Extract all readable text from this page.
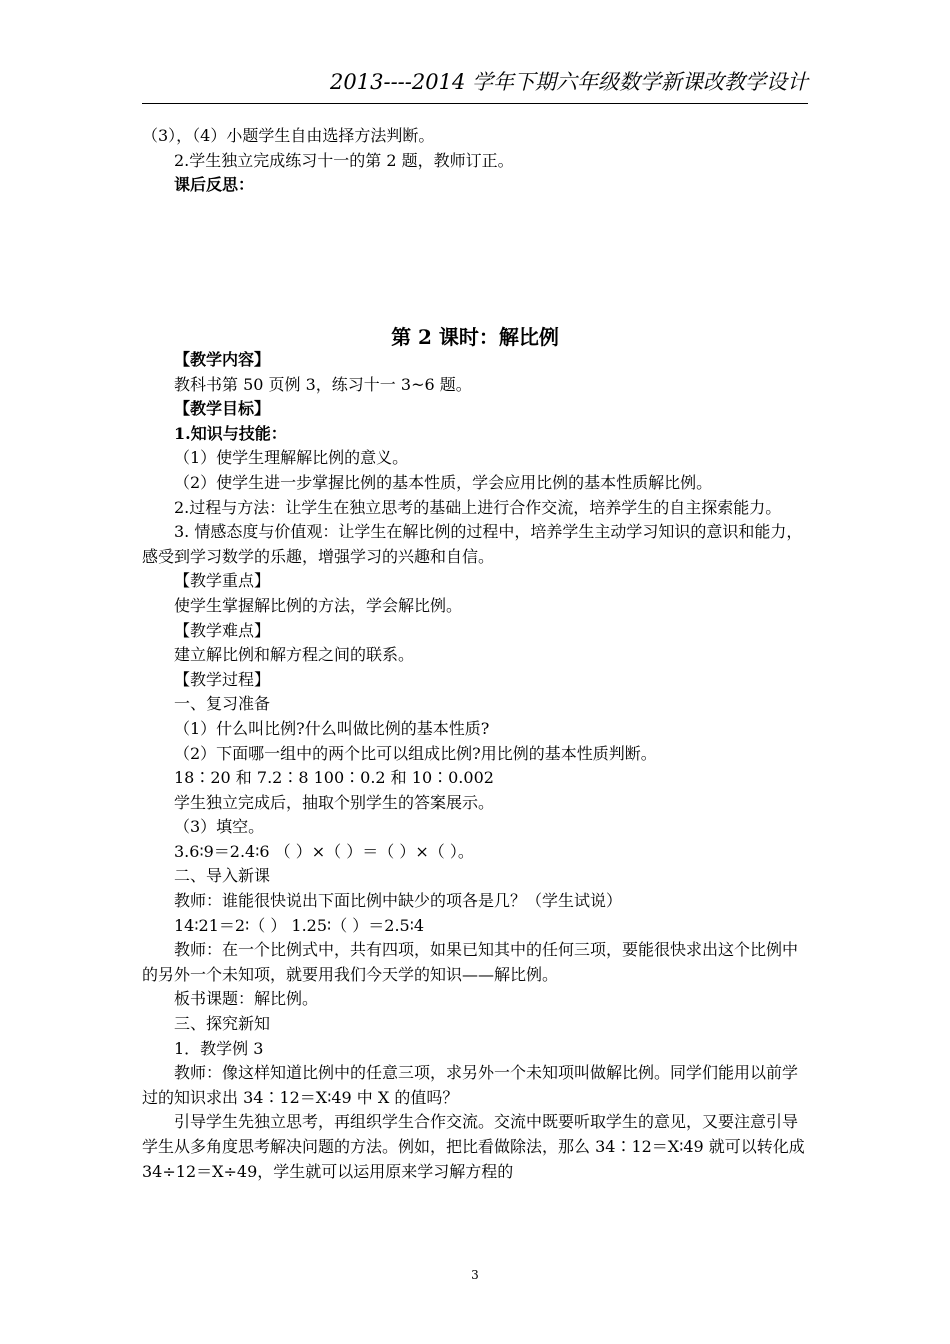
2013----2014 学年下期六年级数学新课改教学设计

（3），（4）小题学生自由选择方法判断。

2.学生独立完成练习十一的第 2 题，教师订正。

课后反思：

第 2 课时：解比例

【教学内容】

教科书第 50 页例 3，练习十一 3~6 题。

【教学目标】

1.知识与技能：

（1）使学生理解解比例的意义。

（2）使学生进一步掌握比例的基本性质，学会应用比例的基本性质解比例。

2.过程与方法：让学生在独立思考的基础上进行合作交流，培养学生的自主探索能力。

3. 情感态度与价值观：让学生在解比例的过程中，培养学生主动学习知识的意识和能力，感受到学习数学的乐趣，增强学习的兴趣和自信。

【教学重点】

使学生掌握解比例的方法，学会解比例。

【教学难点】

建立解比例和解方程之间的联系。

【教学过程】

一、复习准备

（1）什么叫比例?什么叫做比例的基本性质?

（2）下面哪一组中的两个比可以组成比例?用比例的基本性质判断。

18∶20 和 7.2∶8 100∶0.2 和 10∶0.002

学生独立完成后，抽取个别学生的答案展示。

（3）填空。

3.6∶9＝2.4∶6 （ ）×（ ）＝（ ）×（ ）。

二、导入新课

教师：谁能很快说出下面比例中缺少的项各是几？（学生试说）

14∶21＝2∶（ ） 1.25∶（ ）＝2.5∶4

教师：在一个比例式中，共有四项，如果已知其中的任何三项，要能很快求出这个比例中的另外一个未知项，就要用我们今天学的知识——解比例。

板书课题：解比例。

三、探究新知

1．教学例 3

教师：像这样知道比例中的任意三项，求另外一个未知项叫做解比例。同学们能用以前学过的知识求出 34∶12＝X∶49 中 X 的值吗？

引导学生先独立思考，再组织学生合作交流。交流中既要听取学生的意见，又要注意引导学生从多角度思考解决问题的方法。例如，把比看做除法，那么 34∶12＝X∶49 就可以转化成 34÷12＝X÷49，学生就可以运用原来学习解方程的

3
